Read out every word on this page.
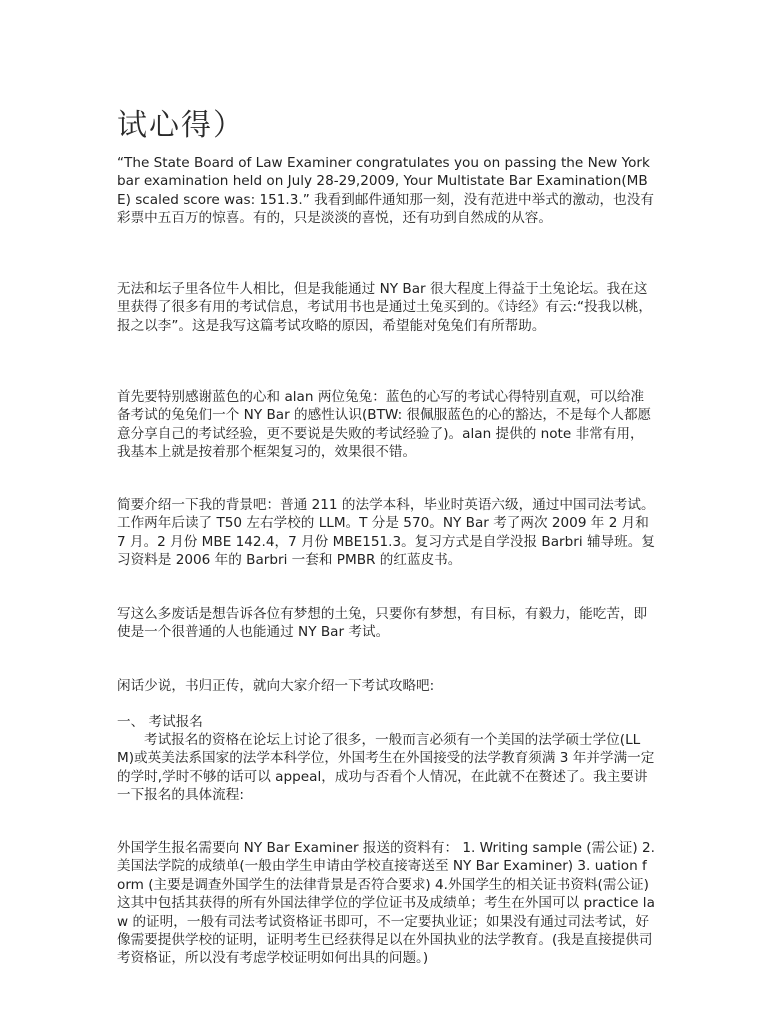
试心得）

“The State Board of Law Examiner congratulates you on passing the New York bar examination held on July 28-29,2009, Your Multistate Bar Examination(MBE) scaled score was: 151.3.” 我看到邮件通知那一刻，没有范进中举式的激动，也没有彩票中五百万的惊喜。有的，只是淡淡的喜悦，还有功到自然成的从容。

无法和坛子里各位牛人相比，但是我能通过 NY Bar 很大程度上得益于土兔论坛。我在这里获得了很多有用的考试信息，考试用书也是通过土兔买到的。《诗经》有云:“投我以桃，报之以李”。这是我写这篇考试攻略的原因，希望能对兔兔们有所帮助。

首先要特别感谢蓝色的心和 alan 两位兔兔：蓝色的心写的考试心得特别直观，可以给准备考试的兔兔们一个 NY Bar 的感性认识(BTW: 很佩服蓝色的心的豁达，不是每个人都愿意分享自己的考试经验，更不要说是失败的考试经验了)。alan 提供的 note 非常有用，我基本上就是按着那个框架复习的，效果很不错。

简要介绍一下我的背景吧：普通 211 的法学本科，毕业时英语六级，通过中国司法考试。工作两年后读了 T50 左右学校的 LLM。T 分是 570。NY Bar 考了两次 2009 年 2 月和 7 月。2 月份 MBE 142.4，7 月份 MBE151.3。复习方式是自学没报 Barbri 辅导班。复习资料是 2006 年的 Barbri 一套和 PMBR 的红蓝皮书。

写这么多废话是想告诉各位有梦想的土兔，只要你有梦想，有目标，有毅力，能吃苦，即使是一个很普通的人也能通过 NY Bar 考试。

闲话少说，书归正传，就向大家介绍一下考试攻略吧:

一、 考试报名

考试报名的资格在论坛上讨论了很多，一般而言必须有一个美国的法学硕士学位(LLM)或英美法系国家的法学本科学位，外国考生在外国接受的法学教育须满 3 年并学满一定的学时,学时不够的话可以 appeal，成功与否看个人情况，在此就不在赘述了。我主要讲一下报名的具体流程:

外国学生报名需要向 NY Bar Examiner 报送的资料有： 1. Writing sample (需公证) 2. 美国法学院的成绩单(一般由学生申请由学校直接寄送至 NY Bar Examiner) 3. uation form (主要是调查外国学生的法律背景是否符合要求) 4.外国学生的相关证书资料(需公证) 这其中包括其获得的所有外国法律学位的学位证书及成绩单；考生在外国可以 practice law 的证明，一般有司法考试资格证书即可，不一定要执业证；如果没有通过司法考试，好像需要提供学校的证明，证明考生已经获得足以在外国执业的法学教育。(我是直接提供司考资格证，所以没有考虑学校证明如何出具的问题。)
